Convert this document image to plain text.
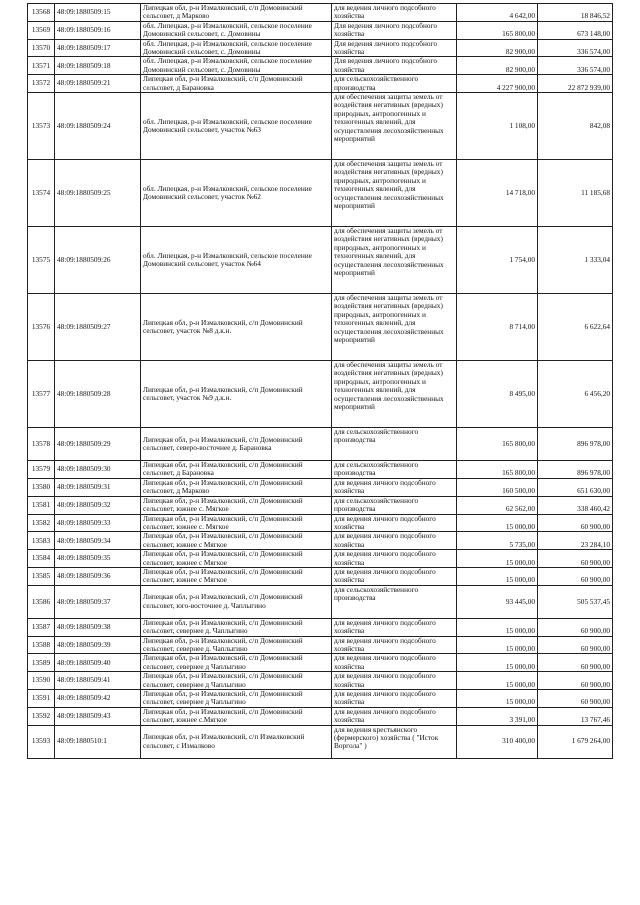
13568	48:09:1880509:15	Липецкая обл, р-н Измалковский, с/п Домовинский сельсовет, д Марково	для ведения личного подсобного хозяйства	4 642,00	18 846,52
13569	48:09:1880509:16	обл. Липецкая, р-н Измалковский, сельское поселение Домовинский сельсовет, с. Домовины	Для ведения личного подсобного хозяйства	165 800,00	673 148,00
13570	48:09:1880509:17	обл. Липецкая, р-н Измалковский, сельское поселение Домовинский сельсовет, с. Домовины	Для ведения личного подсобного хозяйства	82 900,00	336 574,00
13571	48:09:1880509:18	обл. Липецкая, р-н Измалковский, сельское поселение Домовинский сельсовет, с. Домовины	Для ведения личного подсобного хозяйства	82 900,00	336 574,00
13572	48:09:1880509:21	Липецкая обл, р-н Измалковский, с/п Домовинский сельсовет, д Барановка	для сельскохозяйственного производства	4 227 900,00	22 872 939,00
13573	48:09:1880509:24	обл. Липецкая, р-н Измалковский, сельское поселение Домовинский сельсовет, участок №63	для обеспечения защиты земель от воздействия негативных (вредных) природных, антропогенных и техногенных явлений, для осуществления лесохозяйственных мероприятий	1 108,00	842,08
13574	48:09:1880509:25	обл. Липецкая, р-н Измалковский, сельское поселение Домовинский сельсовет, участок №62	для обеспечения защиты земель от воздействия негативных (вредных) природных, антропогенных и техногенных явлений, для осуществления лесохозяйственных мероприятий	14 718,00	11 185,68
13575	48:09:1880509:26	обл. Липецкая, р-н Измалковский, сельское поселение Домовинский сельсовет, участок №64	для обеспечения защиты земель от воздействия негативных (вредных) природных, антропогенных и техногенных явлений, для осуществления лесохозяйственных мероприятий	1 754,00	1 333,04
13576	48:09:1880509:27	Липецкая обл, р-н Измалковский, с/п Домовинский сельсовет, участок №8 д.к.н.	для обеспечения защиты земель от воздействия негативных (вредных) природных, антропогенных и техногенных явлений, для осуществления лесохозяйственных мероприятий	8 714,00	6 622,64
13577	48:09:1880509:28	Липецкая обл, р-н Измалковский, с/п Домовинский сельсовет, участок №9 д.к.н.	для обеспечения защиты земель от воздействия негативных (вредных) природных, антропогенных и техногенных явлений, для осуществления лесохозяйственных мероприятий	8 495,00	6 456,20
13578	48:09:1880509:29	Липецкая обл, р-н Измалковский, с/п Домовинский сельсовет, северо-восточнее д. Барановка	для сельскохозяйственного производства	165 800,00	896 978,00
13579	48:09:1880509:30	Липецкая обл, р-н Измалковский, с/п Домовинский сельсовет, д Барановка	для сельскохозяйственного производства	165 800,00	896 978,00
13580	48:09:1880509:31	Липецкая обл, р-н Измалковский, с/п Домовинский сельсовет, д Марково	для ведения личного подсобного хозяйства	160 500,00	651 630,00
13581	48:09:1880509:32	Липецкая обл, р-н Измалковский, с/п Домовинский сельсовет, южнее с. Мягкое	для сельскохозяйственного производства	62 562,00	338 460,42
13582	48:09:1880509:33	Липецкая обл, р-н Измалковский, с/п Домовинский сельсовет, южнее с. Мягкое	для ведения личного подсобного хозяйства	15 000,00	60 900,00
13583	48:09:1880509:34	Липецкая обл, р-н Измалковский, с/п Домовинский сельсовет, южнее с Мягкое	для ведения личного подсобного хозяйства	5 735,00	23 284,10
13584	48:09:1880509:35	Липецкая обл, р-н Измалковский, с/п Домовинский сельсовет, южнее с Мягкое	для ведения личного подсобного хозяйства	15 000,00	60 900,00
13585	48:09:1880509:36	Липецкая обл, р-н Измалковский, с/п Домовинский сельсовет, южнее с Мягкое	для ведения личного подсобного хозяйства	15 000,00	60 900,00
13586	48:09:1880509:37	Липецкая обл, р-н Измалковский, с/п Домовинский сельсовет, юго-восточнее д. Чаплыгино	для сельскохозяйственного производства	93 445,00	505 537,45
13587	48:09:1880509:38	Липецкая обл, р-н Измалковский, с/п Домовинский сельсовет, севернее д. Чаплыгино	для ведения личного подсобного хозяйства	15 000,00	60 900,00
13588	48:09:1880509:39	Липецкая обл, р-н Измалковский, с/п Домовинский сельсовет, севернее д. Чаплыгино	для ведения личного подсобного хозяйства	15 000,00	60 900,00
13589	48:09:1880509:40	Липецкая обл, р-н Измалковский, с/п Домовинский сельсовет, севернее д Чаплыгино	для ведения личного подсобного хозяйства	15 000,00	60 900,00
13590	48:09:1880509:41	Липецкая обл, р-н Измалковский, с/п Домовинский сельсовет, севернее д Чаплыгино	для ведения личного подсобного хозяйства	15 000,00	60 900,00
13591	48:09:1880509:42	Липецкая обл, р-н Измалковский, с/п Домовинский сельсовет, севернее д Чаплыгино	для ведения личного подсобного хозяйства	15 000,00	60 900,00
13592	48:09:1880509:43	Липецкая обл, р-н Измалковский, с/п Домовинский сельсовет, южнее с.Мягкое	для ведения личного подсобного хозяйства	3 391,00	13 767,46
13593	48:09:1880510:1	Липецкая обл, р-н Измалковский, с/п Измалковский сельсовет, с Измалково	для ведения крестьянского (фермерского) хозяйства ( "Исток Воргола" )	310 400,00	1 679 264,00
